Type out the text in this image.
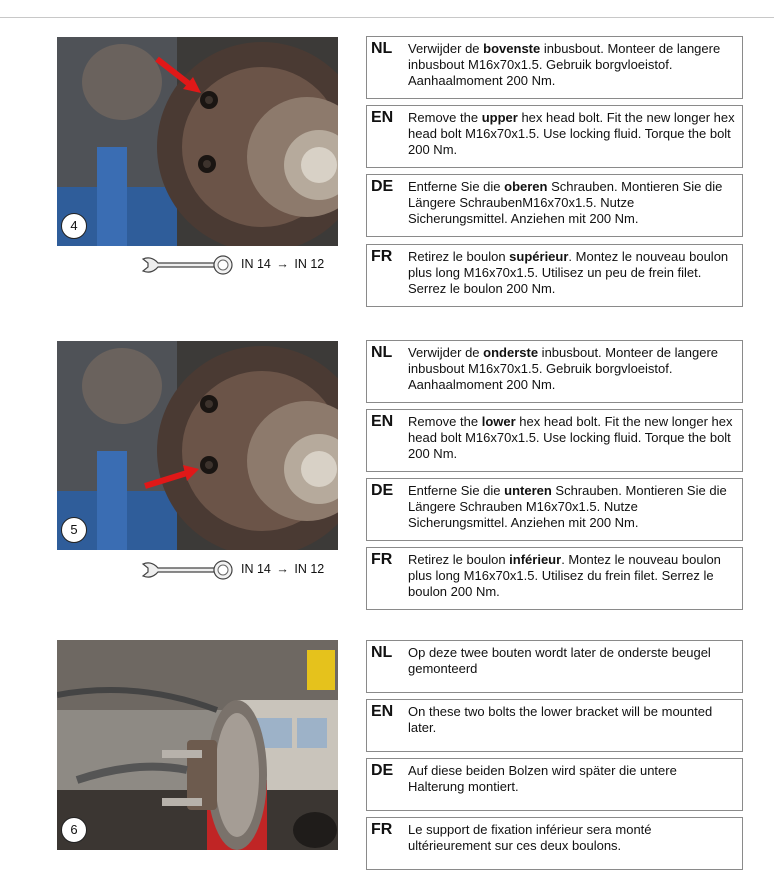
4
IN 14 → IN 12
NL Verwijder de bovenste inbusbout. Monteer de langere inbusbout M16x70x1.5. Gebruik borgvloeistof. Aanhaalmoment 200 Nm.
EN Remove the upper hex head bolt. Fit the new longer hex head bolt M16x70x1.5. Use locking fluid. Torque the bolt 200 Nm.
DE Entferne Sie die oberen Schrauben. Montieren Sie die Längere SchraubenM16x70x1.5. Nutze Sicherungsmittel. Anziehen mit 200 Nm.
FR Retirez le boulon supérieur. Montez le nouveau boulon plus long M16x70x1.5. Utilisez un peu de frein filet. Serrez le boulon 200 Nm.
5
IN 14 → IN 12
NL Verwijder de onderste inbusbout. Monteer de langere inbusbout M16x70x1.5. Gebruik borgvloeistof. Aanhaalmoment 200 Nm.
EN Remove the lower hex head bolt. Fit the new longer hex head bolt M16x70x1.5. Use locking fluid. Torque the bolt 200 Nm.
DE Entferne Sie die unteren Schrauben. Montieren Sie die Längere Schrauben M16x70x1.5. Nutze Sicherungsmittel. Anziehen mit 200 Nm.
FR Retirez le boulon inférieur. Montez le nouveau boulon plus long M16x70x1.5. Utilisez du frein filet. Serrez le boulon 200 Nm.
6
NL Op deze twee bouten wordt later de onderste beugel gemonteerd
EN On these two bolts the lower bracket will be mounted later.
DE Auf diese beiden Bolzen wird später die untere Halterung montiert.
FR Le support de fixation inférieur sera monté ultérieurement sur ces deux boulons.
